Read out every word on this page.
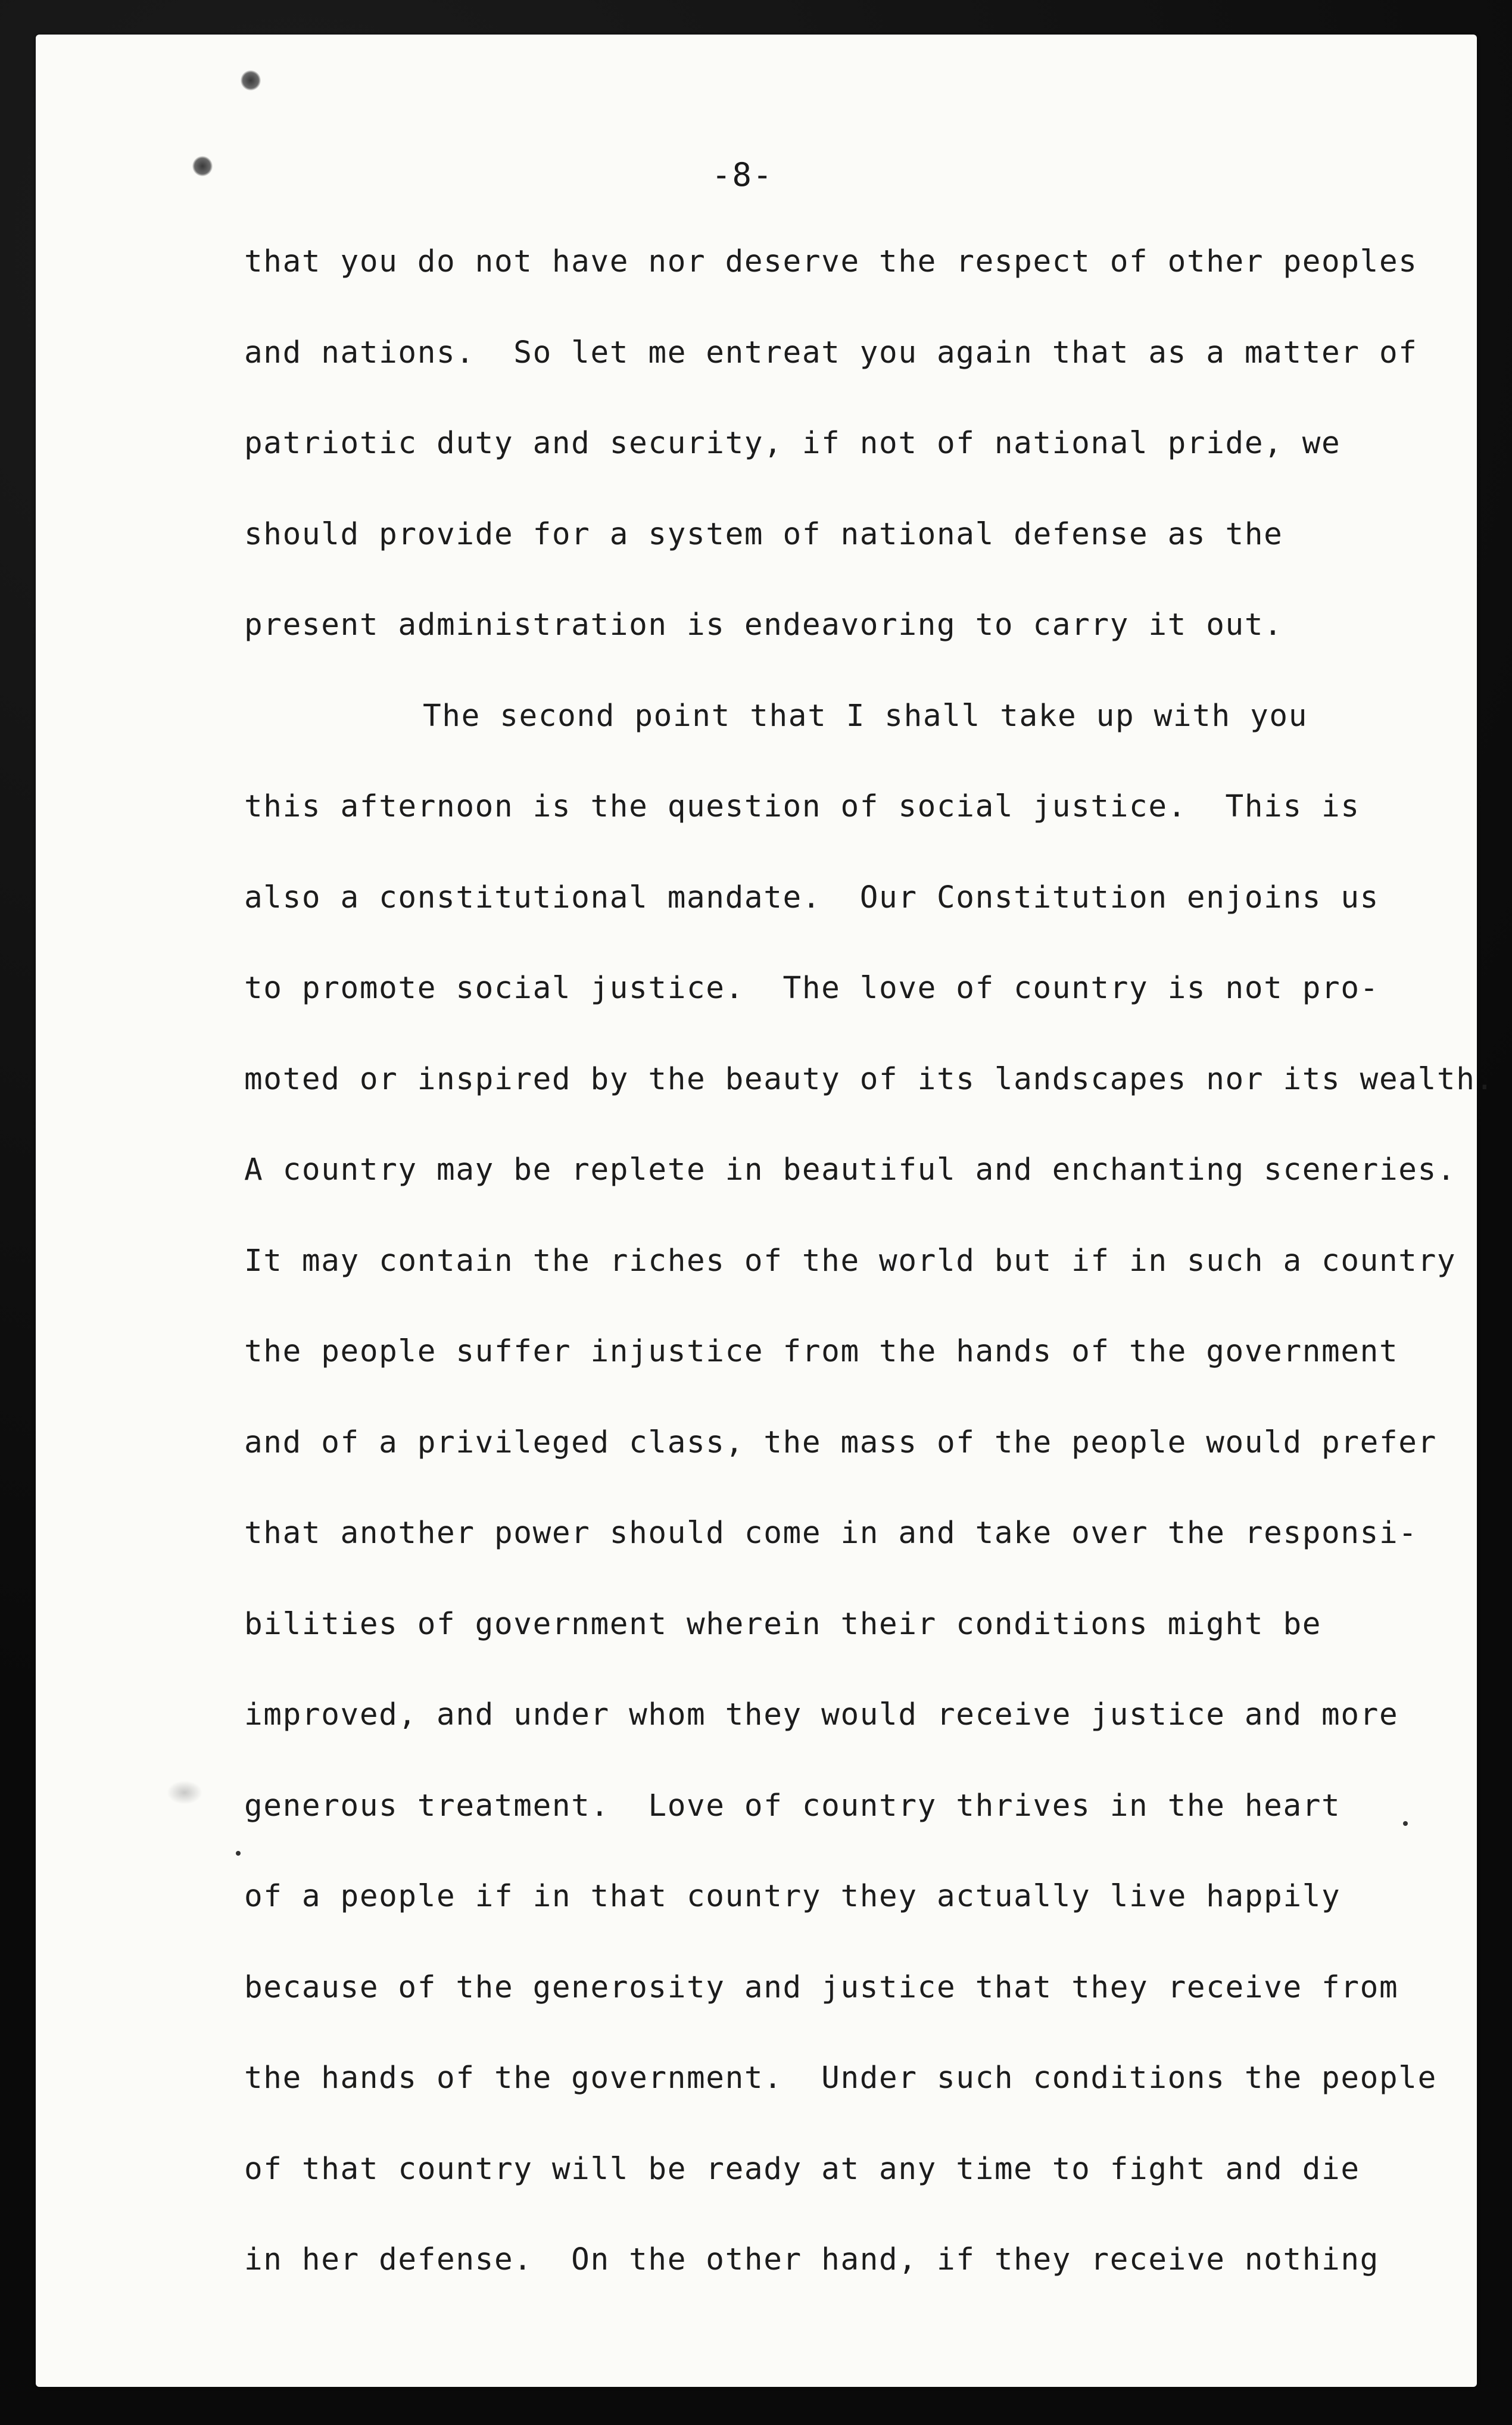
-8-
that you do not have nor deserve the respect of other peoples
and nations.  So let me entreat you again that as a matter of
patriotic duty and security, if not of national pride, we
should provide for a system of national defense as the
present administration is endeavoring to carry it out.
The second point that I shall take up with you
this afternoon is the question of social justice.  This is
also a constitutional mandate.  Our Constitution enjoins us
to promote social justice.  The love of country is not pro-
moted or inspired by the beauty of its landscapes nor its wealth.
A country may be replete in beautiful and enchanting sceneries.
It may contain the riches of the world but if in such a country
the people suffer injustice from the hands of the government
and of a privileged class, the mass of the people would prefer
that another power should come in and take over the responsi-
bilities of government wherein their conditions might be
improved, and under whom they would receive justice and more
generous treatment.  Love of country thrives in the heart
of a people if in that country they actually live happily
because of the generosity and justice that they receive from
the hands of the government.  Under such conditions the people
of that country will be ready at any time to fight and die
in her defense.  On the other hand, if they receive nothing
